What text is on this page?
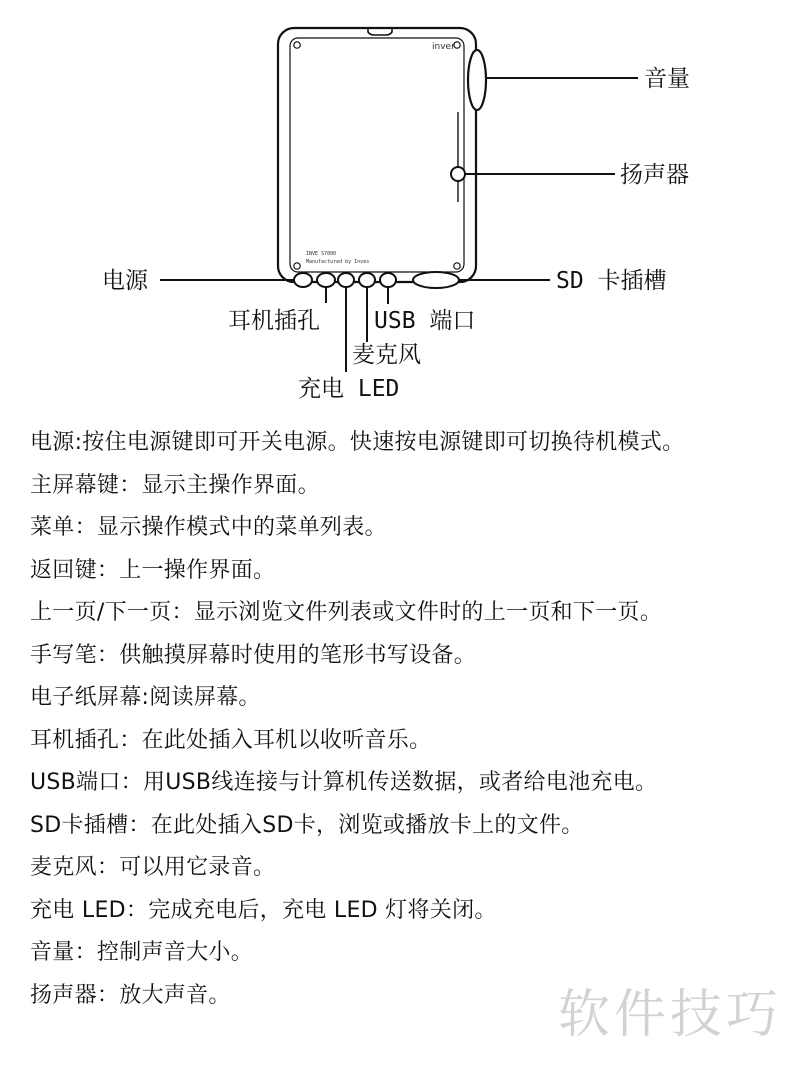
inver
INVE S7000
Manufactured by Inves
音量
扬声器
电源	SD 卡插槽
耳机插孔 USB 端口
麦克风
充电 LED
电源:按住电源键即可开关电源。快速按电源键即可切换待机模式。
主屏幕键：显示主操作界面。
菜单：显示操作模式中的菜单列表。
返回键：上一操作界面。
上一页/下一页：显示浏览文件列表或文件时的上一页和下一页。
手写笔：供触摸屏幕时使用的笔形书写设备。
电子纸屏幕:阅读屏幕。
耳机插孔：在此处插入耳机以收听音乐。
USB端口：用USB线连接与计算机传送数据，或者给电池充电。
SD卡插槽：在此处插入SD卡，浏览或播放卡上的文件。
麦克风：可以用它录音。
充电 LED：完成充电后，充电 LED 灯将关闭。
音量：控制声音大小。
扬声器：放大声音。	软件技巧
